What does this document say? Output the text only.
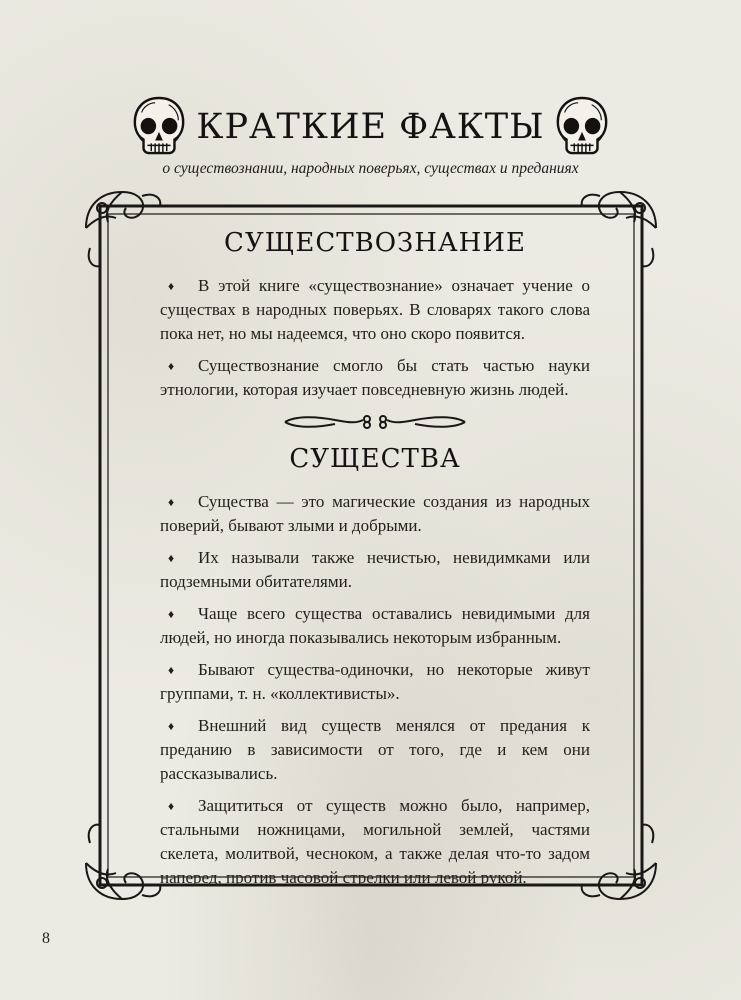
КРАТКИЕ ФАКТЫ
о существознании, народных поверьях, существах и преданиях
СУЩЕСТВОЗНАНИЕ
♦ В этой книге «существознание» означает учение о существах в народных поверьях. В словарях такого слова пока нет, но мы надеемся, что оно скоро появится.
♦ Существознание смогло бы стать частью науки этнологии, которая изучает повседневную жизнь людей.
СУЩЕСТВА
♦ Существа — это магические создания из народных поверий, бывают злыми и добрыми.
♦ Их называли также нечистью, невидимками или подземными обитателями.
♦ Чаще всего существа оставались невидимыми для людей, но иногда показывались некоторым избранным.
♦ Бывают существа-одиночки, но некоторые живут группами, т. н. «коллективисты».
♦ Внешний вид существ менялся от предания к преданию в зависимости от того, где и кем они рассказывались.
♦ Защититься от существ можно было, например, стальными ножницами, могильной землей, частями скелета, молитвой, чесноком, а также делая что-то задом наперед, против часовой стрелки или левой рукой.
8
